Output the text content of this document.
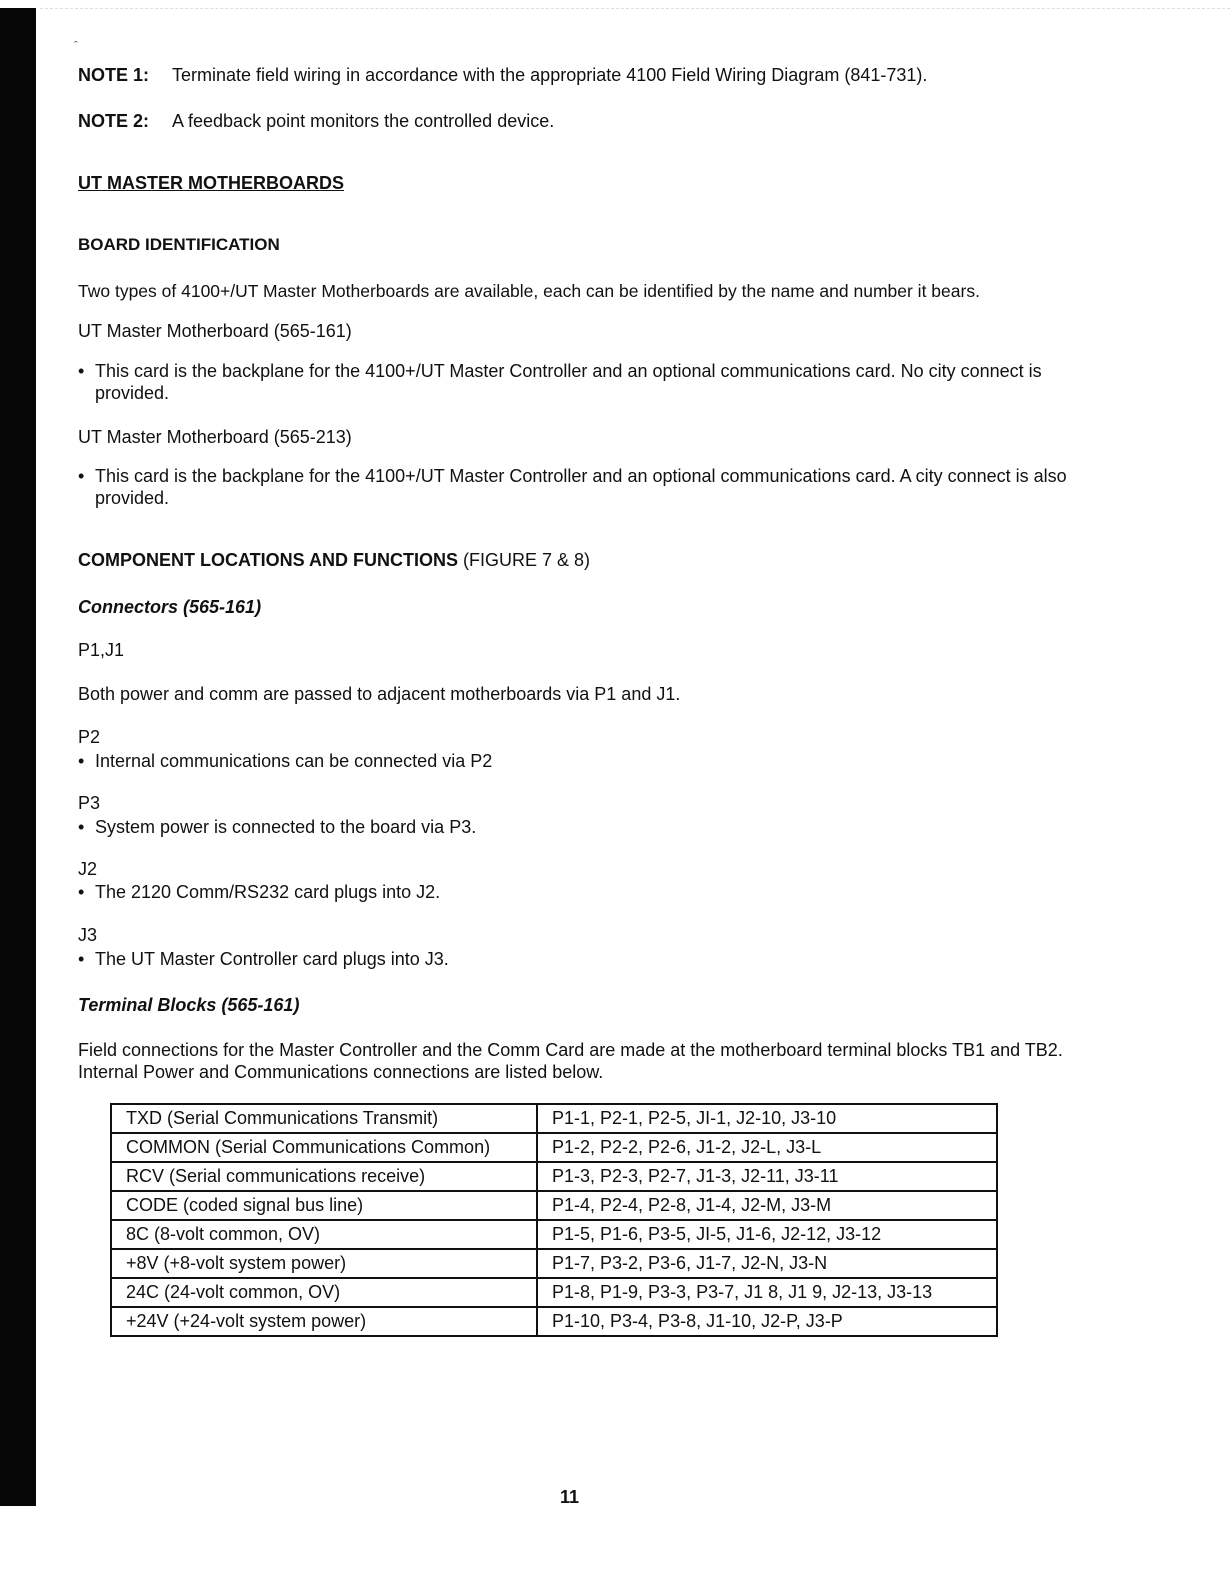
ˆ
NOTE 1: Terminate field wiring in accordance with the appropriate 4100 Field Wiring Diagram (841-731).
NOTE 2: A feedback point monitors the controlled device.
UT MASTER MOTHERBOARDS
BOARD IDENTIFICATION
Two types of 4100+/UT Master Motherboards are available, each can be identified by the name and number it bears.
UT Master Motherboard (565-161)
• This card is the backplane for the 4100+/UT Master Controller and an optional communications card. No city connect is provided.
UT Master Motherboard (565-213)
• This card is the backplane for the 4100+/UT Master Controller and an optional communications card. A city connect is also provided.
COMPONENT LOCATIONS AND FUNCTIONS (FIGURE 7 & 8)
Connectors (565-161)
P1,J1
Both power and comm are passed to adjacent motherboards via P1 and J1.
P2
• Internal communications can be connected via P2
P3
• System power is connected to the board via P3.
J2
• The 2120 Comm/RS232 card plugs into J2.
J3
• The UT Master Controller card plugs into J3.
Terminal Blocks (565-161)
Field connections for the Master Controller and the Comm Card are made at the motherboard terminal blocks TB1 and TB2. Internal Power and Communications connections are listed below.
TXD (Serial Communications Transmit)	P1-1, P2-1, P2-5, JI-1, J2-10, J3-10
COMMON (Serial Communications Common)	P1-2, P2-2, P2-6, J1-2, J2-L, J3-L
RCV (Serial communications receive)	P1-3, P2-3, P2-7, J1-3, J2-11, J3-11
CODE (coded signal bus line)	P1-4, P2-4, P2-8, J1-4, J2-M, J3-M
8C (8-volt common, OV)	P1-5, P1-6, P3-5, JI-5, J1-6, J2-12, J3-12
+8V (+8-volt system power)	P1-7, P3-2, P3-6, J1-7, J2-N, J3-N
24C (24-volt common, OV)	P1-8, P1-9, P3-3, P3-7, J1 8, J1 9, J2-13, J3-13
+24V (+24-volt system power)	P1-10, P3-4, P3-8, J1-10, J2-P, J3-P
11
